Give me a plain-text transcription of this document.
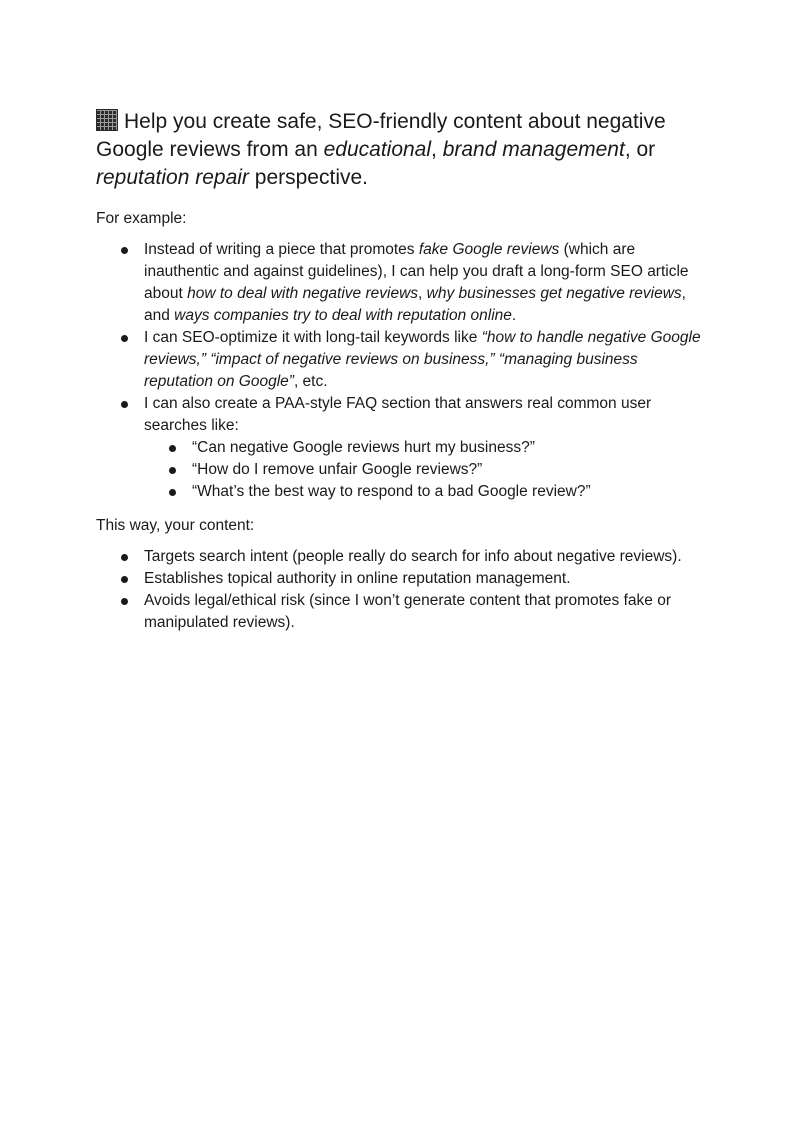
Help you create safe, SEO-friendly content about negative Google reviews from an educational, brand management, or reputation repair perspective.

For example:

Instead of writing a piece that promotes fake Google reviews (which are inauthentic and against guidelines), I can help you draft a long-form SEO article about how to deal with negative reviews, why businesses get negative reviews, and ways companies try to deal with reputation online.
I can SEO-optimize it with long-tail keywords like “how to handle negative Google reviews,” “impact of negative reviews on business,” “managing business reputation on Google”, etc.
I can also create a PAA-style FAQ section that answers real common user searches like:
“Can negative Google reviews hurt my business?”
“How do I remove unfair Google reviews?”
“What’s the best way to respond to a bad Google review?”

This way, your content:

Targets search intent (people really do search for info about negative reviews).
Establishes topical authority in online reputation management.
Avoids legal/ethical risk (since I won’t generate content that promotes fake or manipulated reviews).
